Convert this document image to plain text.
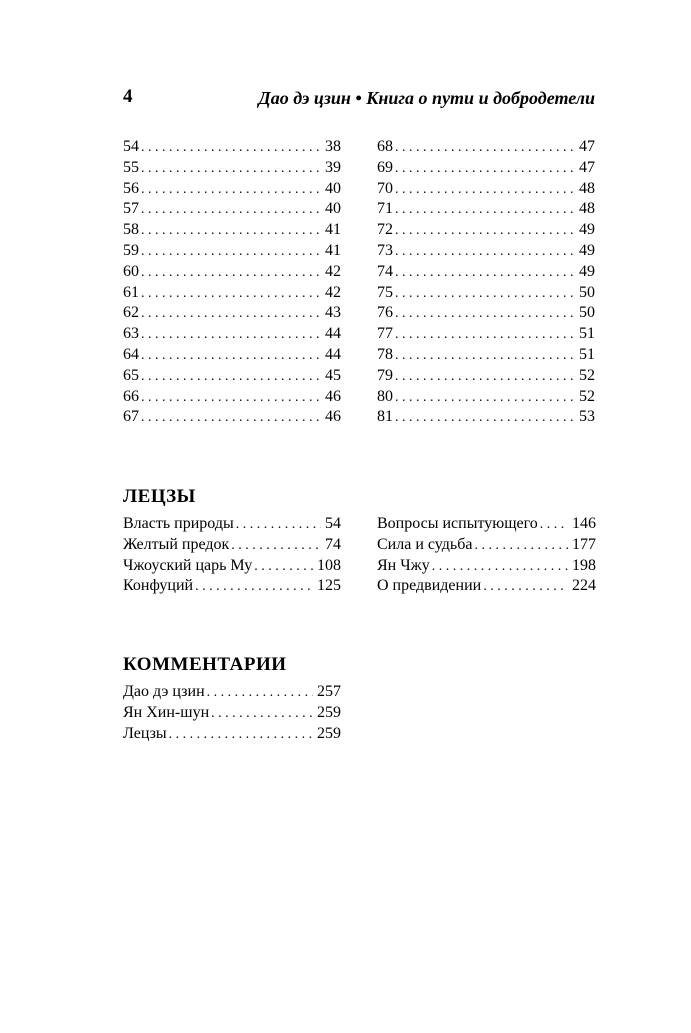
4	Дао дэ цзин • Книга о пути и добродетели
54 . . .	38
55 . . .	39
56 . . .	40
57 . . .	40
58 . . .	41
59 . . .	41
60 . . .	42
61 . . .	42
62 . . .	43
63 . . .	44
64 . . .	44
65 . . .	45
66 . . .	46
67 . . .	46
68 . . .	47
69 . . .	47
70 . . .	48
71 . . .	48
72 . . .	49
73 . . .	49
74 . . .	49
75 . . .	50
76 . . .	50
77 . . .	51
78 . . .	51
79 . . .	52
80 . . .	52
81 . . .	53
ЛЕЦЗЫ
Власть природы . . .	54
Желтый предок . . .	74
Чжоуский царь Му . . .	108
Конфуций . . .	125
Вопросы испытующего . . . 146
Сила и судьба . . .	177
Ян Чжу . . .	198
О предвидении . . .	224
КОММЕНТАРИИ
Дао дэ цзин . . .	257
Ян Хин-шун . . .	259
Лецзы . . .	259
